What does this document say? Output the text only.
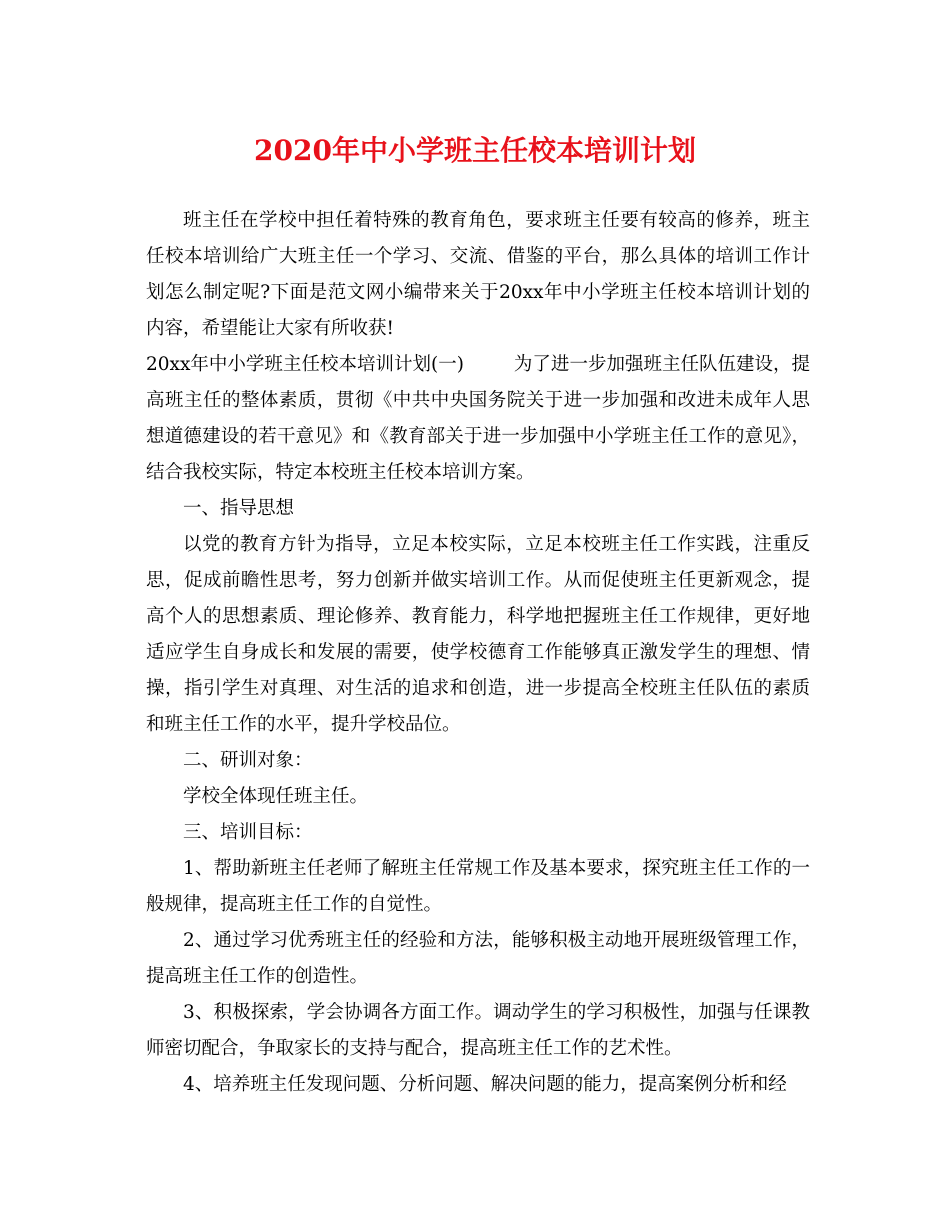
2020年中小学班主任校本培训计划

班主任在学校中担任着特殊的教育角色，要求班主任要有较高的修养，班主任校本培训给广大班主任一个学习、交流、借鉴的平台，那么具体的培训工作计划怎么制定呢?下面是范文网小编带来关于20xx年中小学班主任校本培训计划的内容，希望能让大家有所收获!

20xx年中小学班主任校本培训计划(一)	为了进一步加强班主任队伍建设，提高班主任的整体素质，贯彻《中共中央国务院关于进一步加强和改进未成年人思想道德建设的若干意见》和《教育部关于进一步加强中小学班主任工作的意见》，结合我校实际，特定本校班主任校本培训方案。

一、指导思想

以党的教育方针为指导，立足本校实际，立足本校班主任工作实践，注重反思，促成前瞻性思考，努力创新并做实培训工作。从而促使班主任更新观念，提高个人的思想素质、理论修养、教育能力，科学地把握班主任工作规律，更好地适应学生自身成长和发展的需要，使学校德育工作能够真正激发学生的理想、情操，指引学生对真理、对生活的追求和创造，进一步提高全校班主任队伍的素质和班主任工作的水平，提升学校品位。

二、研训对象：

学校全体现任班主任。

三、培训目标：

1、帮助新班主任老师了解班主任常规工作及基本要求，探究班主任工作的一般规律，提高班主任工作的自觉性。

2、通过学习优秀班主任的经验和方法，能够积极主动地开展班级管理工作，提高班主任工作的创造性。

3、积极探索，学会协调各方面工作。调动学生的学习积极性，加强与任课教师密切配合，争取家长的支持与配合，提高班主任工作的艺术性。

4、培养班主任发现问题、分析问题、解决问题的能力，提高案例分析和经
